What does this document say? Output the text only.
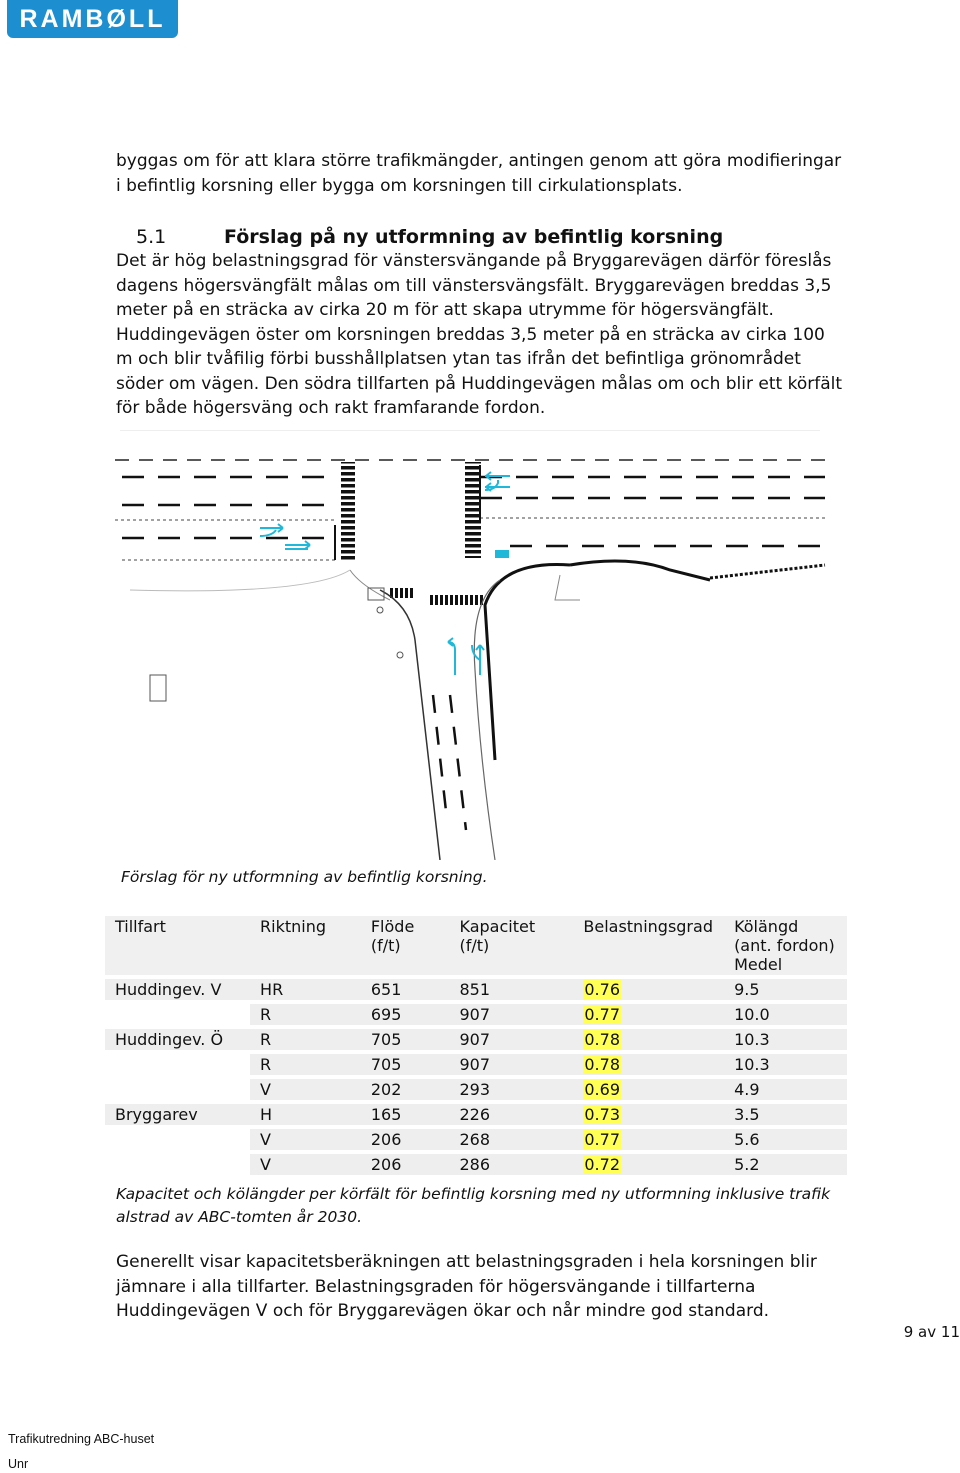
RAMBØLL

byggas om för att klara större trafikmängder, antingen genom att göra modifieringar i befintlig korsning eller bygga om korsningen till cirkulationsplats.

5.1	Förslag på ny utformning av befintlig korsning

Det är hög belastningsgrad för vänstersvängande på Bryggarevägen därför föreslås dagens högersvängfält målas om till vänstersvängsfält. Bryggarevägen breddas 3,5 meter på en sträcka av cirka 20 m för att skapa utrymme för högersvängfält. Huddingevägen öster om korsningen breddas 3,5 meter på en sträcka av cirka 100 m och blir tvåfilig förbi busshållplatsen ytan tas ifrån det befintliga grönområdet söder om vägen. Den södra tillfarten på Huddingevägen målas om och blir ett körfält för både högersväng och rakt framfarande fordon.

Förslag för ny utformning av befintlig korsning.

Tillfart	Riktning	Flöde (f/t)	Kapacitet (f/t)	Belastningsgrad	Kölängd (ant. fordon) Medel
Huddingev. V	HR	651	851	0.76	9.5
	R	695	907	0.77	10.0
Huddingev. Ö	R	705	907	0.78	10.3
	R	705	907	0.78	10.3
	V	202	293	0.69	4.9
Bryggarev	H	165	226	0.73	3.5
	V	206	268	0.77	5.6
	V	206	286	0.72	5.2

Kapacitet och kölängder per körfält för befintlig korsning med ny utformning inklusive trafik alstrad av ABC-tomten år 2030.

Generellt visar kapacitetsberäkningen att belastningsgraden i hela korsningen blir jämnare i alla tillfarter. Belastningsgraden för högersvängande i tillfarterna Huddingevägen V och för Bryggarevägen ökar och når mindre god standard.

9 av 11
Trafikutredning ABC-huset
Unr
